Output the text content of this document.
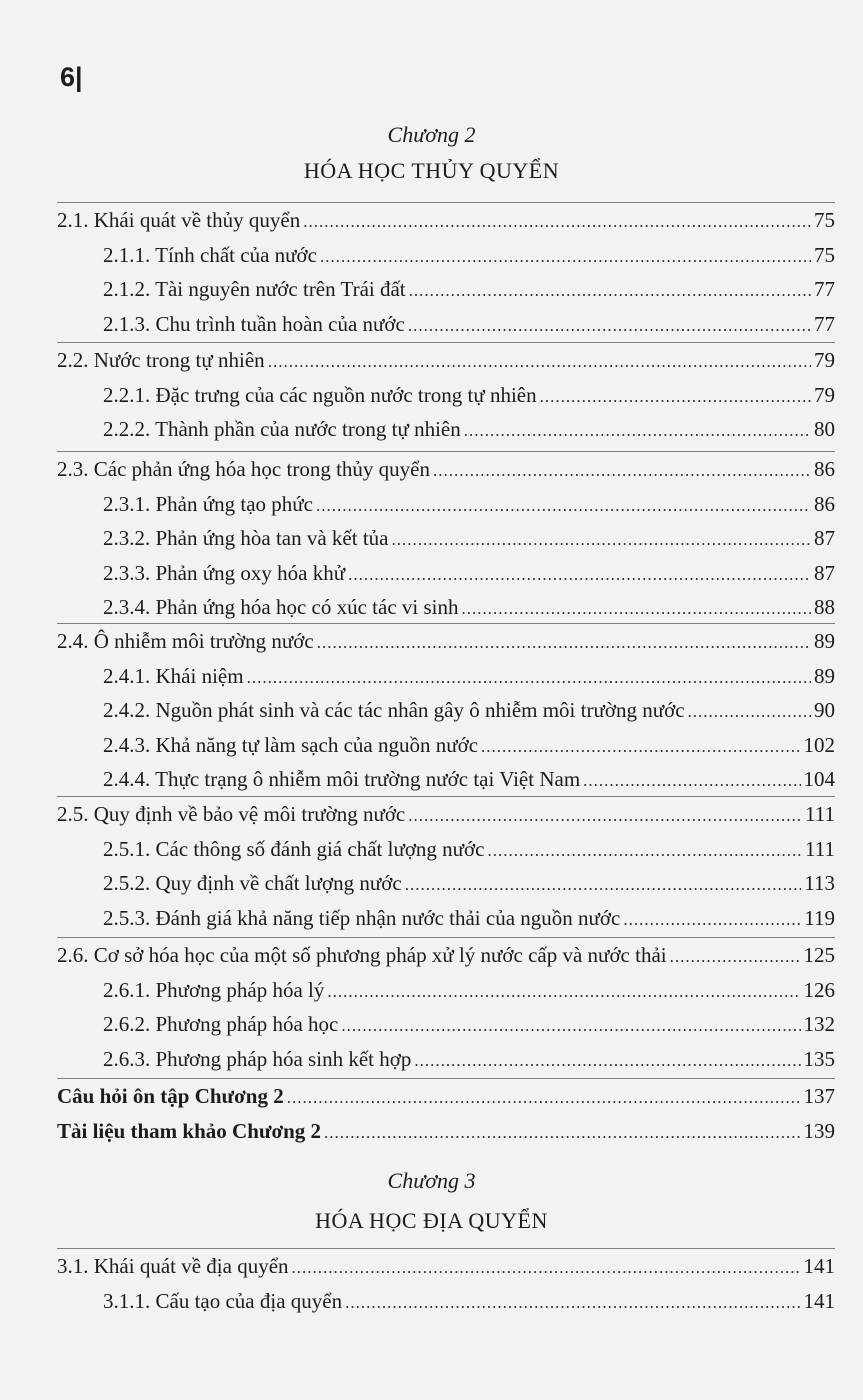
6|
Chương 2
HÓA HỌC THỦY QUYỂN
2.1. Khái quát về thủy quyển .....	75
2.1.1. Tính chất của nước .....	75
2.1.2. Tài nguyên nước trên Trái đất .....	77
2.1.3. Chu trình tuần hoàn của nước .....	77
2.2. Nước trong tự nhiên .....	79
2.2.1. Đặc trưng của các nguồn nước trong tự nhiên .....	79
2.2.2. Thành phần của nước trong tự nhiên .....	80
2.3. Các phản ứng hóa học trong thủy quyển .....	86
2.3.1. Phản ứng tạo phức .....	86
2.3.2. Phản ứng hòa tan và kết tủa .....	87
2.3.3. Phản ứng oxy hóa khử .....	87
2.3.4. Phản ứng hóa học có xúc tác vi sinh .....	88
2.4. Ô nhiễm môi trường nước .....	89
2.4.1. Khái niệm .....	89
2.4.2. Nguồn phát sinh và các tác nhân gây ô nhiễm môi trường nước .....	90
2.4.3. Khả năng tự làm sạch của nguồn nước .....	102
2.4.4. Thực trạng ô nhiễm môi trường nước tại Việt Nam .....	104
2.5. Quy định về bảo vệ môi trường nước .....	111
2.5.1. Các thông số đánh giá chất lượng nước .....	111
2.5.2. Quy định về chất lượng nước .....	113
2.5.3. Đánh giá khả năng tiếp nhận nước thải của nguồn nước .....	119
2.6. Cơ sở hóa học của một số phương pháp xử lý nước cấp và nước thải .....	125
2.6.1. Phương pháp hóa lý .....	126
2.6.2. Phương pháp hóa học .....	132
2.6.3. Phương pháp hóa sinh kết hợp .....	135
Câu hỏi ôn tập Chương 2 .....	137
Tài liệu tham khảo Chương 2 .....	139
Chương 3
HÓA HỌC ĐỊA QUYỂN
3.1. Khái quát về địa quyển .....	141
3.1.1. Cấu tạo của địa quyển .....	141
